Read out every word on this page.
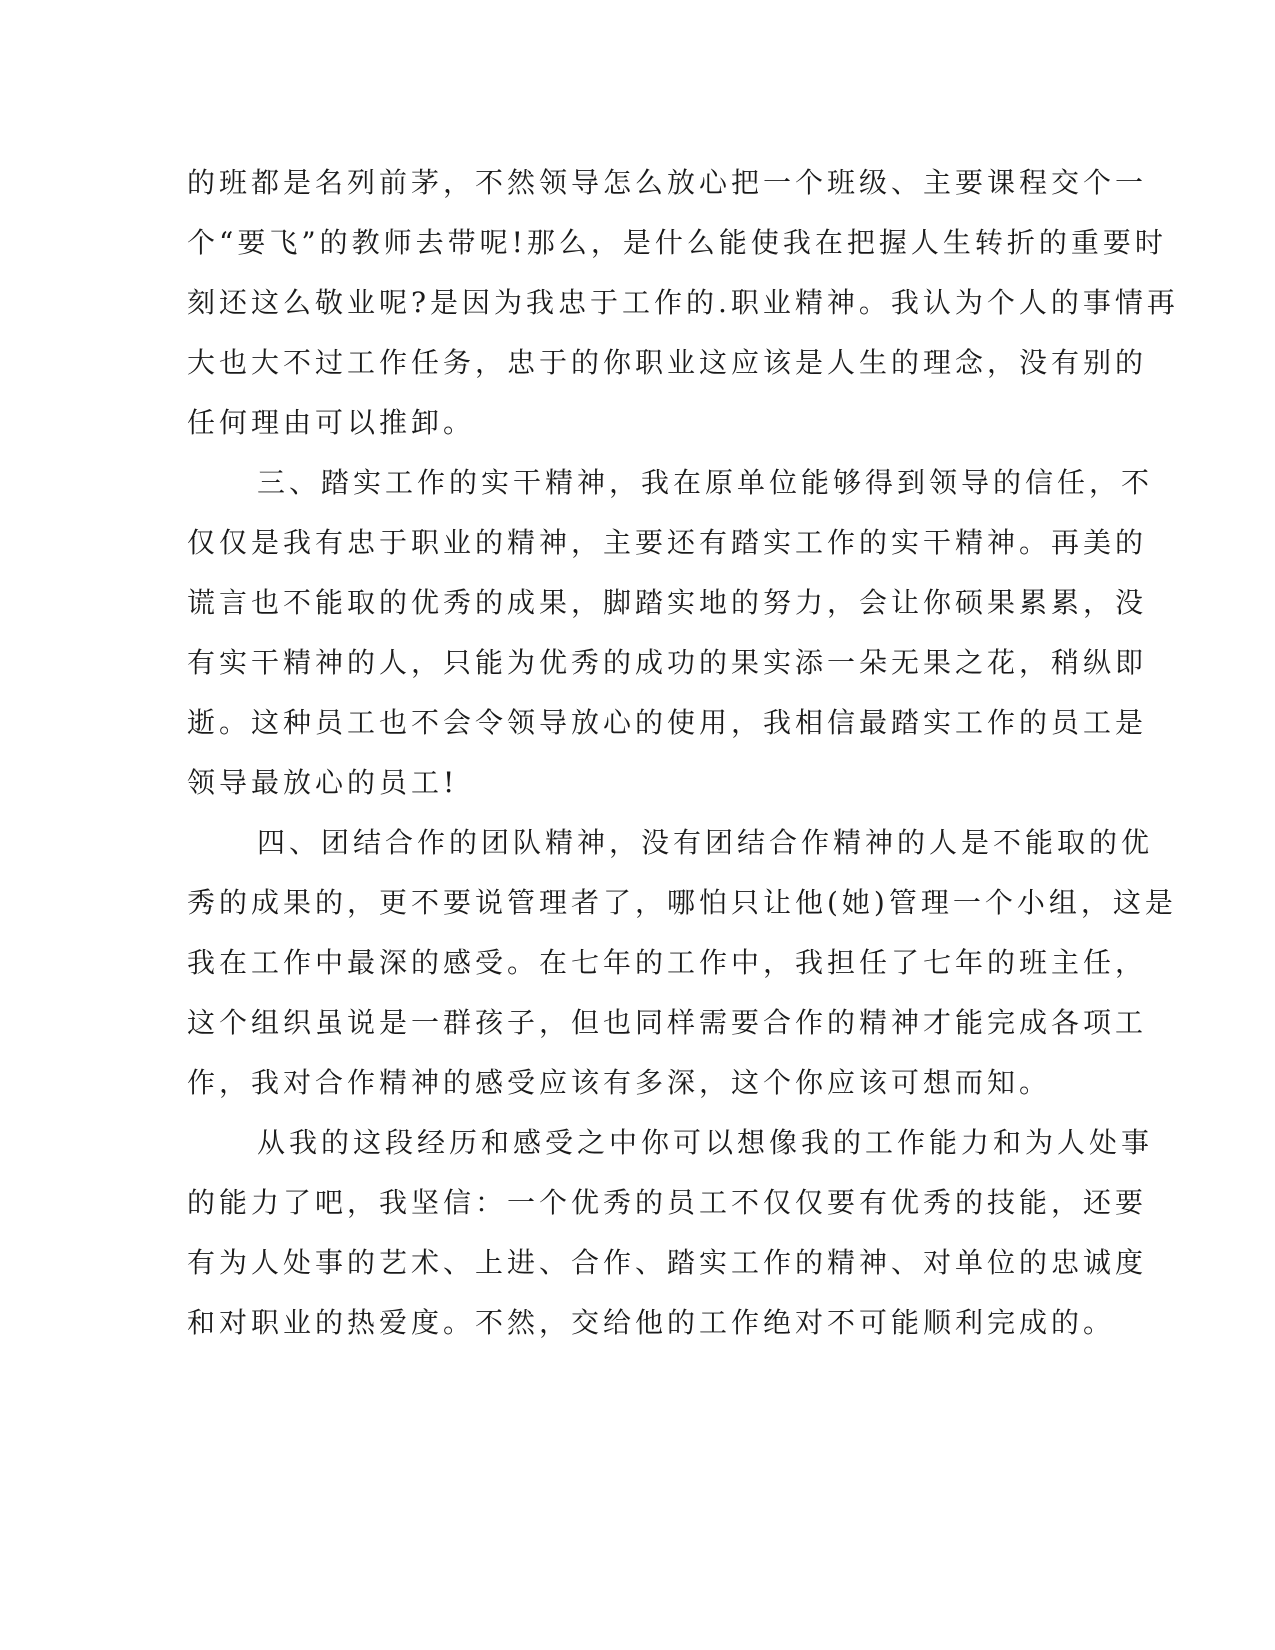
的班都是名列前茅，不然领导怎么放心把一个班级、主要课程交个一
个“要飞”的教师去带呢!那么，是什么能使我在把握人生转折的重要时
刻还这么敬业呢?是因为我忠于工作的.职业精神。我认为个人的事情再
大也大不过工作任务，忠于的你职业这应该是人生的理念，没有别的
任何理由可以推卸。
三、踏实工作的实干精神，我在原单位能够得到领导的信任，不
仅仅是我有忠于职业的精神，主要还有踏实工作的实干精神。再美的
谎言也不能取的优秀的成果，脚踏实地的努力，会让你硕果累累，没
有实干精神的人，只能为优秀的成功的果实添一朵无果之花，稍纵即
逝。这种员工也不会令领导放心的使用，我相信最踏实工作的员工是
领导最放心的员工!
四、团结合作的团队精神，没有团结合作精神的人是不能取的优
秀的成果的，更不要说管理者了，哪怕只让他(她)管理一个小组，这是
我在工作中最深的感受。在七年的工作中，我担任了七年的班主任，
这个组织虽说是一群孩子，但也同样需要合作的精神才能完成各项工
作，我对合作精神的感受应该有多深，这个你应该可想而知。
从我的这段经历和感受之中你可以想像我的工作能力和为人处事
的能力了吧，我坚信：一个优秀的员工不仅仅要有优秀的技能，还要
有为人处事的艺术、上进、合作、踏实工作的精神、对单位的忠诚度
和对职业的热爱度。不然，交给他的工作绝对不可能顺利完成的。
